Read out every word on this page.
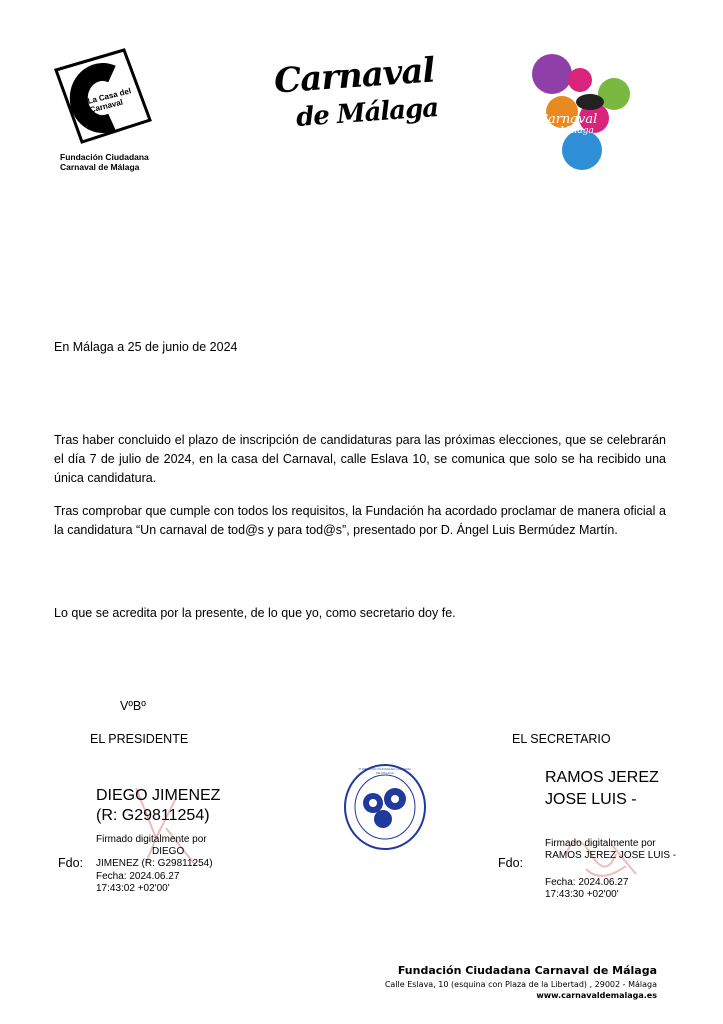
La Casa del Carnaval
Fundación Ciudadana
Carnaval de Málaga
Carnaval
de Málaga	Carnaval
de Málaga
En Málaga a 25 de junio de 2024
Tras haber concluido el plazo de inscripción de candidaturas para las próximas elecciones, que se celebrarán el día 7 de julio de 2024, en la casa del Carnaval, calle Eslava 10, se comunica que solo se ha recibido una única candidatura.
Tras comprobar que cumple con todos los requisitos, la Fundación ha acordado proclamar de manera oficial a la candidatura “Un carnaval de tod@s y para tod@s”, presentado por D. Ángel Luis Bermúdez Martín.
Lo que se acredita por la presente, de lo que yo, como secretario doy fe.
VºBº
EL PRESIDENTE	EL SECRETARIO
DIEGO JIMENEZ
(R: G29811254)
Firmado digitalmente por
DIEGO
JIMENEZ (R: G29811254)
Fecha: 2024.06.27
17:43:02 +02'00'
Fdo:
FUNDACIÓN CIUDADANA CARNAVAL DE MÁLAGA	RAMOS JEREZ
JOSE LUIS -
Firmado digitalmente por
RAMOS JEREZ JOSE LUIS -
Fecha: 2024.06.27
17:43:30 +02'00'
Fdo:
Fundación Ciudadana Carnaval de Málaga
Calle Eslava, 10 (esquina con Plaza de la Libertad) , 29002 - Málaga
www.carnavaldemalaga.es
